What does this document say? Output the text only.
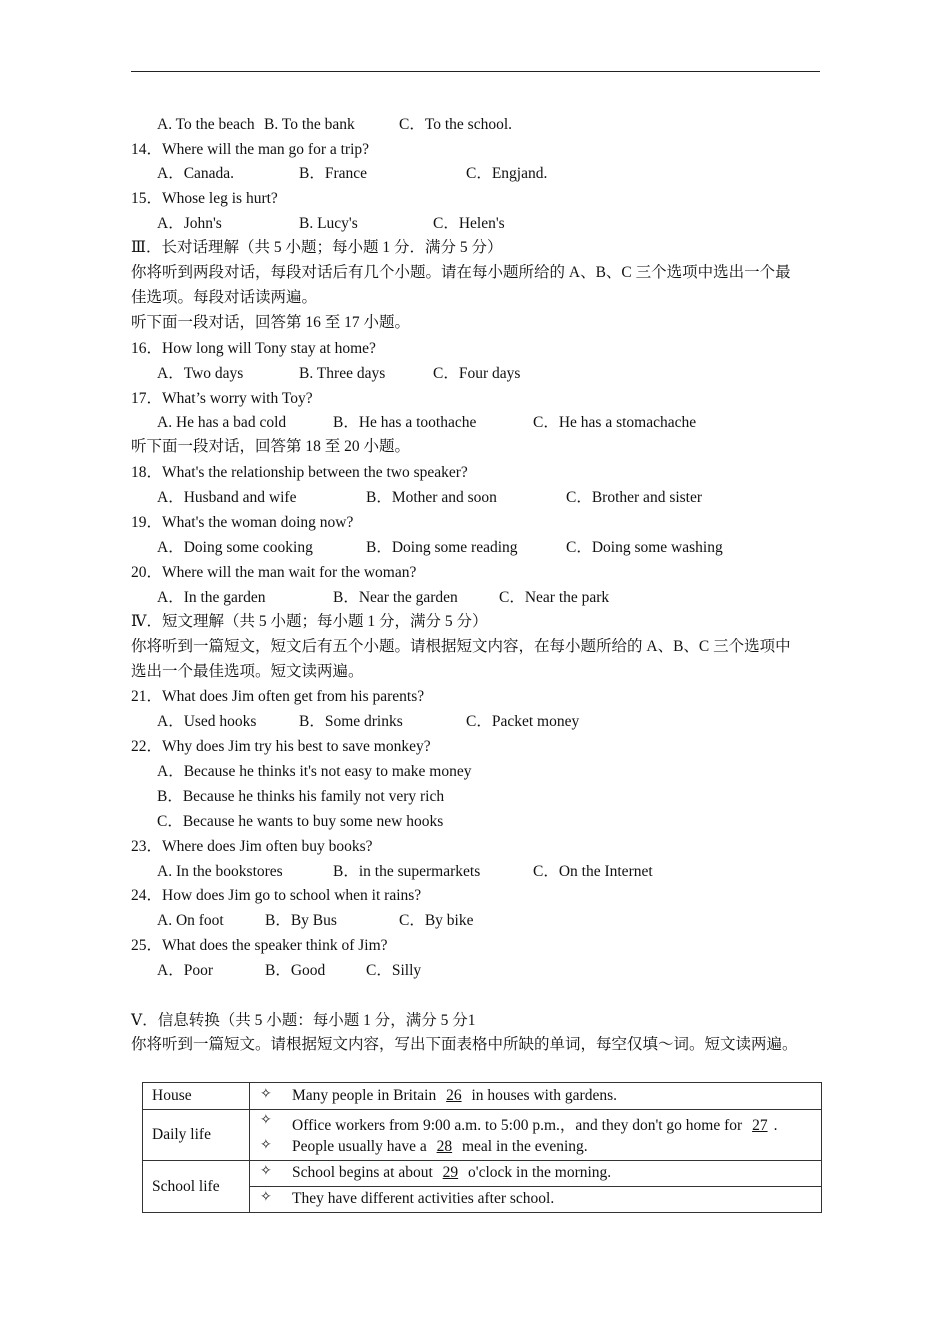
A. To the beach B. To the bank	C．To the school.
14．Where will the man go for a trip?
A．Canada.	B．France	C．Engjand.
15．Whose leg is hurt?
A．John's	B. Lucy's	C．Helen's
Ⅲ．长对话理解（共 5 小题；每小题 1 分．满分 5 分）
你将听到两段对话，每段对话后有几个小题。请在每小题所给的 A、B、C 三个选项中选出一个最
佳选项。每段对话读两遍。
听下面一段对话，回答第 16 至 17 小题。
16．How long will Tony stay at home?
A．Two days	B. Three days	C．Four days
17．What’s worry with Toy?
A. He has a bad cold	B．He has a toothache	C．He has a stomachache
听下面一段对话，回答第 18 至 20 小题。
18．What's the relationship between the two speaker?
A．Husband and wife	B．Mother and soon	C．Brother and sister
19．What's the woman doing now?
A．Doing some cooking	B．Doing some reading	C．Doing some washing
20．Where will the man wait for the woman?
A．In the garden	B．Near the garden	C．Near the park
Ⅳ．短文理解（共 5 小题；每小题 1 分，满分 5 分）
你将听到一篇短文，短文后有五个小题。请根据短文内容，在每小题所给的 A、B、C 三个选项中
选出一个最佳选项。短文读两遍。
21．What does Jim often get from his parents?
A．Used hooks	B．Some drinks	C．Packet money
22．Why does Jim try his best to save monkey?
A．Because he thinks it's not easy to make money
B．Because he thinks his family not very rich
C．Because he wants to buy some new hooks
23．Where does Jim often buy books?
A. In the bookstores	B．in the supermarkets	C．On the Internet
24．How does Jim go to school when it rains?
A. On foot	B．By Bus	C．By bike
25．What does the speaker think of Jim?
A．Poor	B．Good	C．Silly
Ⅴ．信息转换（共 5 小题：每小题 1 分，满分 5 分1
你将听到一篇短文。请根据短文内容，写出下面表格中所缺的单词，每空仅填～词。短文读两遍。
House	✧ Many people in Britain 26 in houses with gardens.

Daily life	✧ Office workers from 9:00 a.m. to 5:00 p.m.，and they don't go home for 27 .
✧ People usually have a 28 meal in the evening.

School life	✧ School begins at about 29 o'clock in the morning.
✧ They have different activities after school.
